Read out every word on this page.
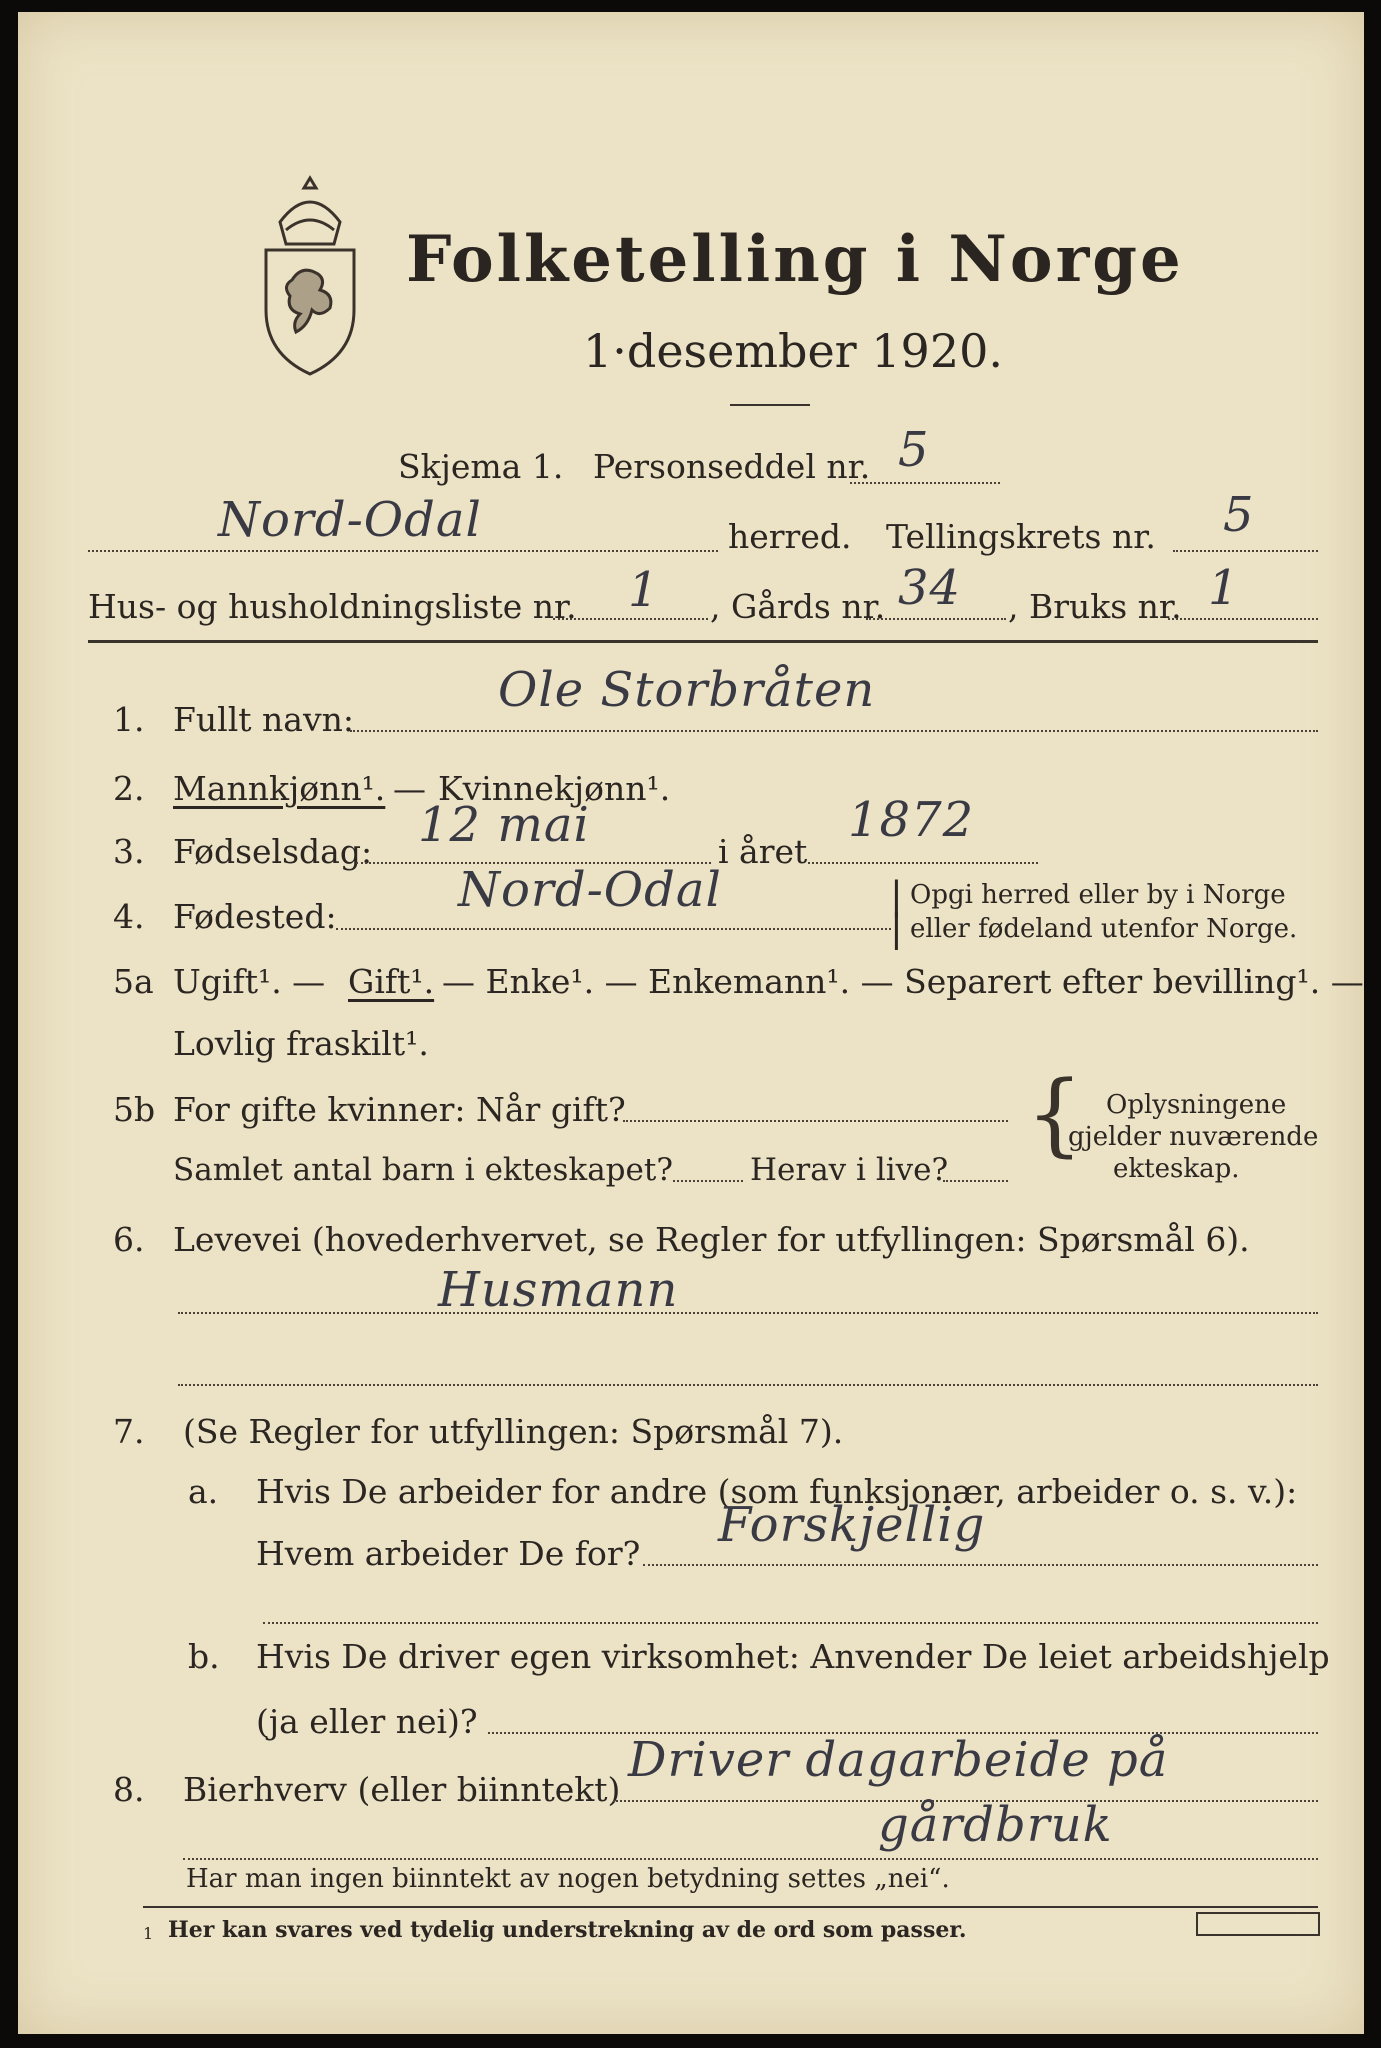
Folketelling i Norge
1·desember 1920.
Skjema 1. Personseddel nr. 5
Nord-Odal	herred. Tellingskrets nr. 5
Hus- og husholdningsliste nr. 1 , Gårds nr. 34 , Bruks nr. 1
1. Fullt navn:
Ole Storbråten
2. Mannkjønn¹. — Kvinnekjønn¹.
3. Fødselsdag: 12 mai	i året
1872
4. Fødested:	Nord-Odal	|
|
Opgi herred eller by i Norge
eller fødeland utenfor Norge.
5a Ugift¹. — Gift¹. — Enke¹. — Enkemann¹. — Separert efter bevilling¹. —
Lovlig fraskilt¹.
5b For gifte kvinner: Når gift?
Samlet antal barn i ekteskapet? Herav i live?
{ Oplysningene
gjelder nuværende
ekteskap.
6. Levevei (hovederhvervet, se Regler for utfyllingen: Spørsmål 6).
Husmann
7. (Se Regler for utfyllingen: Spørsmål 7).
a. Hvis De arbeider for andre (som funksjonær, arbeider o. s. v.):
Hvem arbeider De for?
Forskjellig
b. Hvis De driver egen virksomhet: Anvender De leiet arbeidshjelp
(ja eller nei)?
8. Bierhverv (eller biinntekt)
Driver dagarbeide på
gårdbruk
Har man ingen biinntekt av nogen betydning settes „nei“.
1 Her kan svares ved tydelig understrekning av de ord som passer.
